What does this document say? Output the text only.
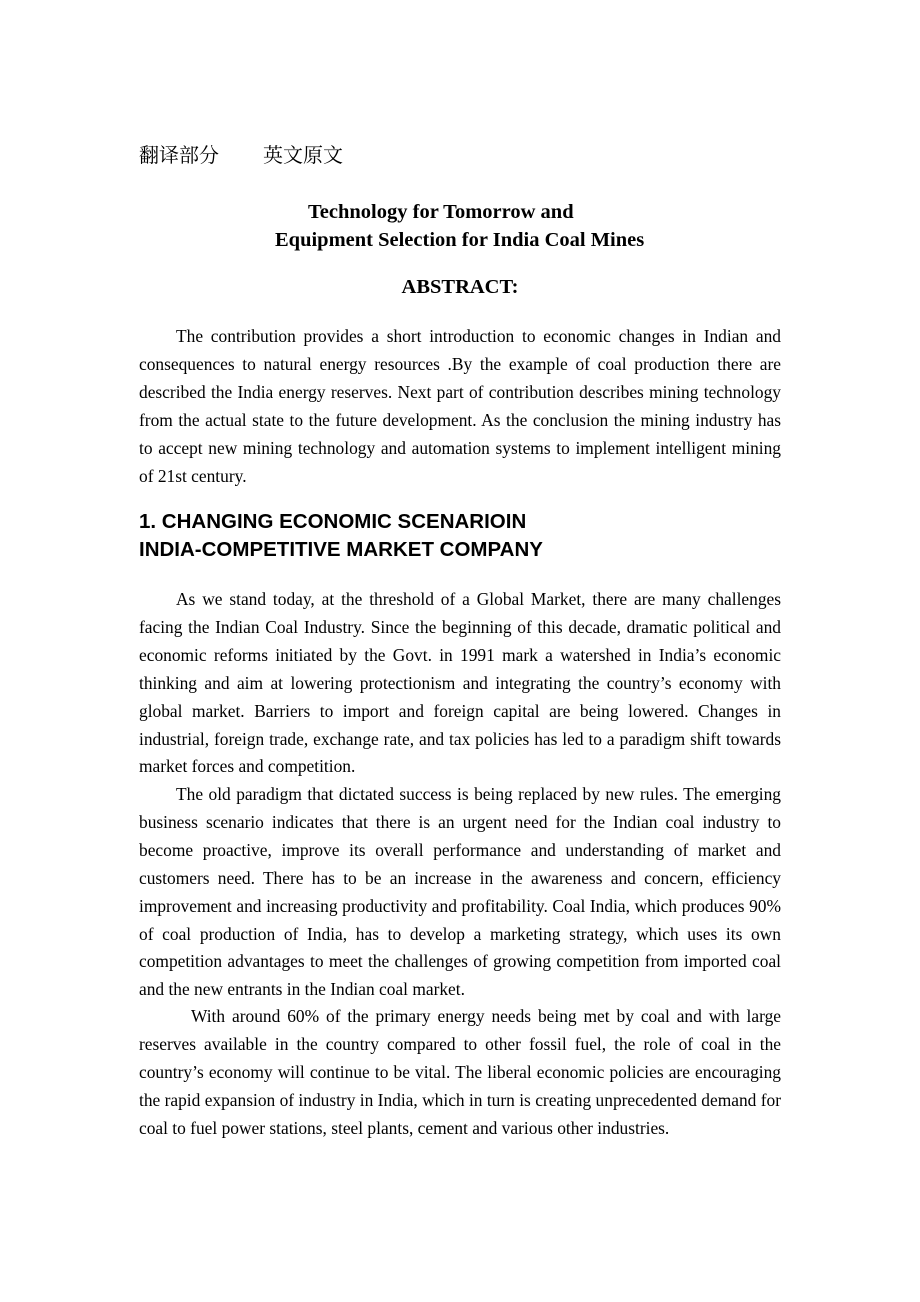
翻译部分 英文原文
Technology for Tomorrow and
Equipment Selection for India Coal Mines
ABSTRACT:

The contribution provides a short introduction to economic changes in Indian and consequences to natural energy resources .By the example of coal production there are described the India energy reserves. Next part of contribution describes mining technology from the actual state to the future development. As the conclusion the mining industry has to accept new mining technology and automation systems to implement intelligent mining of 21st century.

1. CHANGING ECONOMIC SCENARIOIN
INDIA-COMPETITIVE MARKET COMPANY

As we stand today, at the threshold of a Global Market, there are many challenges facing the Indian Coal Industry. Since the beginning of this decade, dramatic political and economic reforms initiated by the Govt. in 1991 mark a watershed in India’s economic thinking and aim at lowering protectionism and integrating the country’s economy with global market. Barriers to import and foreign capital are being lowered. Changes in industrial, foreign trade, exchange rate, and tax policies has led to a paradigm shift towards market forces and competition.

The old paradigm that dictated success is being replaced by new rules. The emerging business scenario indicates that there is an urgent need for the Indian coal industry to become proactive, improve its overall performance and understanding of market and customers need. There has to be an increase in the awareness and concern, efficiency improvement and increasing productivity and profitability. Coal India, which produces 90% of coal production of India, has to develop a marketing strategy, which uses its own competition advantages to meet the challenges of growing competition from imported coal and the new entrants in the Indian coal market.

With around 60% of the primary energy needs being met by coal and with large reserves available in the country compared to other fossil fuel, the role of coal in the country’s economy will continue to be vital. The liberal economic policies are encouraging the rapid expansion of industry in India, which in turn is creating unprecedented demand for coal to fuel power stations, steel plants, cement and various other industries.
